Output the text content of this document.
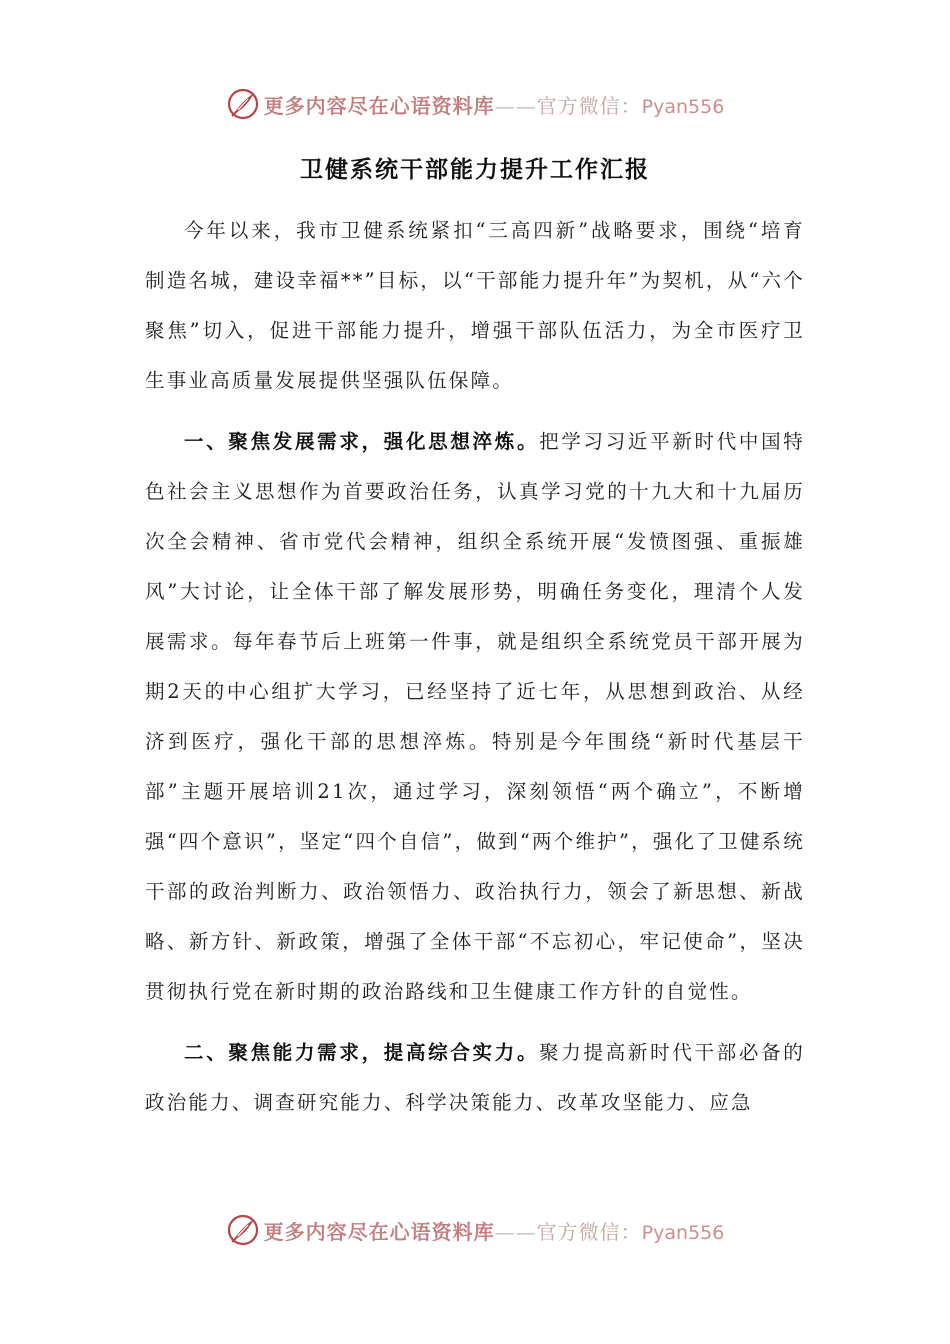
更多内容尽在心语资料库——官方微信：Pyan556
卫健系统干部能力提升工作汇报

今年以来，我市卫健系统紧扣“三高四新”战略要求，围绕“培育制造名城，建设幸福**”目标，以“干部能力提升年”为契机，从“六个聚焦”切入，促进干部能力提升，增强干部队伍活力，为全市医疗卫生事业高质量发展提供坚强队伍保障。

一、聚焦发展需求，强化思想淬炼。把学习习近平新时代中国特色社会主义思想作为首要政治任务，认真学习党的十九大和十九届历次全会精神、省市党代会精神，组织全系统开展“发愤图强、重振雄风”大讨论，让全体干部了解发展形势，明确任务变化，理清个人发展需求。每年春节后上班第一件事，就是组织全系统党员干部开展为期2天的中心组扩大学习，已经坚持了近七年，从思想到政治、从经济到医疗，强化干部的思想淬炼。特别是今年围绕“新时代基层干部”主题开展培训21次，通过学习，深刻领悟“两个确立”，不断增强“四个意识”，坚定“四个自信”，做到“两个维护”，强化了卫健系统干部的政治判断力、政治领悟力、政治执行力，领会了新思想、新战略、新方针、新政策，增强了全体干部“不忘初心，牢记使命”，坚决贯彻执行党在新时期的政治路线和卫生健康工作方针的自觉性。

二、聚焦能力需求，提高综合实力。聚力提高新时代干部必备的政治能力、调查研究能力、科学决策能力、改革攻坚能力、应急

更多内容尽在心语资料库——官方微信：Pyan556
